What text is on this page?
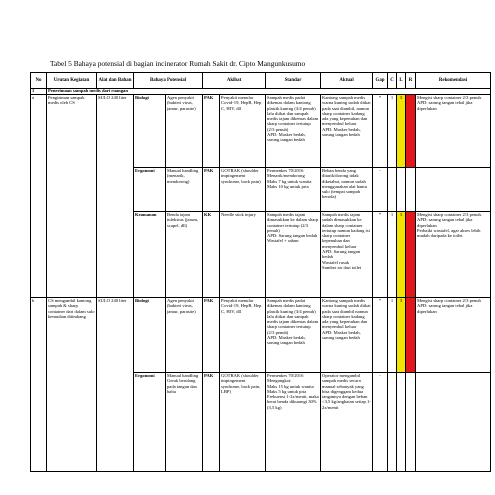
Tabel 5 Bahaya potensial di bagian incinerator Rumah Sakit dr. Cipto Mangunkusumo
No	Urutan Kegiatan	Alat dan Bahan	Bahaya Potensial		Akibat		Standar	Aktual	Gap	C	L	R	Rekomendasi
1	Penerimaan sampah medis dari ruangan												
a	Pengiriman sampah medis oleh CS	SULO 240 liter	Biologi	Agen penyakit (bakteri virus, jamur, parasite)	PAK	Penyakit menular Covid-19, HepB, Hep C, HIV, dll	Sampah medis padat dikemas dalam kantong plastik kuning (3/4 penuh) lalu diikat dan sampah medis tajam dikemas dalam sharp container tertutup (2/3 penuh)
APD: Masker bedah, sarung tangan bedah	Kantong sampah medis warna kuning sudah diikat pada saat diambil, namun sharp container kadang ada yang kepenuhan dan menyembul keluar
APD: Masker bedah, sarung tangan bedah	*	1	3		Mengisi sharp container 2/3 penuh.
APD: sarung tangan tebal jika diperlukan
			Ergonomi	Manual handling (menarik, mendorong)	PAK	GOTRAK (shoulder impingement syndrome, back pain)	Permenkes 70/2016
Menarik/mendorong
Maks 7 kg untuk wanita
Maks 10 kg untuk pria	Beban benda yang ditarik/dorong tidak diketahui, namun sudah menggunakan alat bantu sulo (tempat sampah beroda)	-				
			Keamanan	Benda tajam infeksius (jarum, scapel, dll)	KK	Needle stick injury	Sampah medis tajam dimasukkan ke dalam sharp container tertutup (2/3 penuh)
APD: Sarung tangan bedah
Wastafel + sabun	Sampah medis tajam sudah dimasukkan ke dalam sharp container tertutup namun kadang isi sharp container kepenuhan dan menyembul keluar
APD: Sarung tangan bedah
Wastafel rusak
Sumber air dari toilet	*	1	3		Mengisi sharp container 2/3 penuh.
APD: sarung tangan tebal jika diperlukan
Perbaiki wastafel, agar akses lebih mudah daripada ke toilet
b	CS mengambil kantong sampah & sharp container dari dalam sulo kemudian ditimbang	SULO 240 liter	Biologi	Agen penyakit (bakteri virus, jamur, parasite)	PAK	Penyakit menular Covid-19, HepB, Hep C, HIV, dll	Sampah medis padat dikemas dalam kantong plastik kuning (3/4 penuh) lalu diikat dan sampah medis tajam dikemas dalam sharp container tertutup (2/3 penuh)
APD: Masker bedah, sarung tangan bedah	Kantong sampah medis warna kuning sudah diikat pada saat diambil namun sharp container kadang ada yang kepenuhan dan menyembul keluar
APD: Masker bedah, sarung tangan bedah	*	1	3		Mengisi sharp container 2/3 penuh
APD: sarung tangan tebal jika diperlukan
			Ergonomi	Manual handling
Gerak berulang pada tangan dan bahu	PAK	GOTRAK (shoulder impingement syndrome, back pain, LBP)	Permenkes 70/2016
Mengangkat:
Maks 15 kg untuk wanita
Maks 5 kg untuk pria
Frekuensi 1-2x/menit, maka berat benda dikurangi 30% (3,5 kg)	Operator mengambil sampah medis secara manual sebanyak yang bisa digenggam kedua tangannya dengan beban <3,5 kg/angkatan setiap 1-2x/menit	-				
